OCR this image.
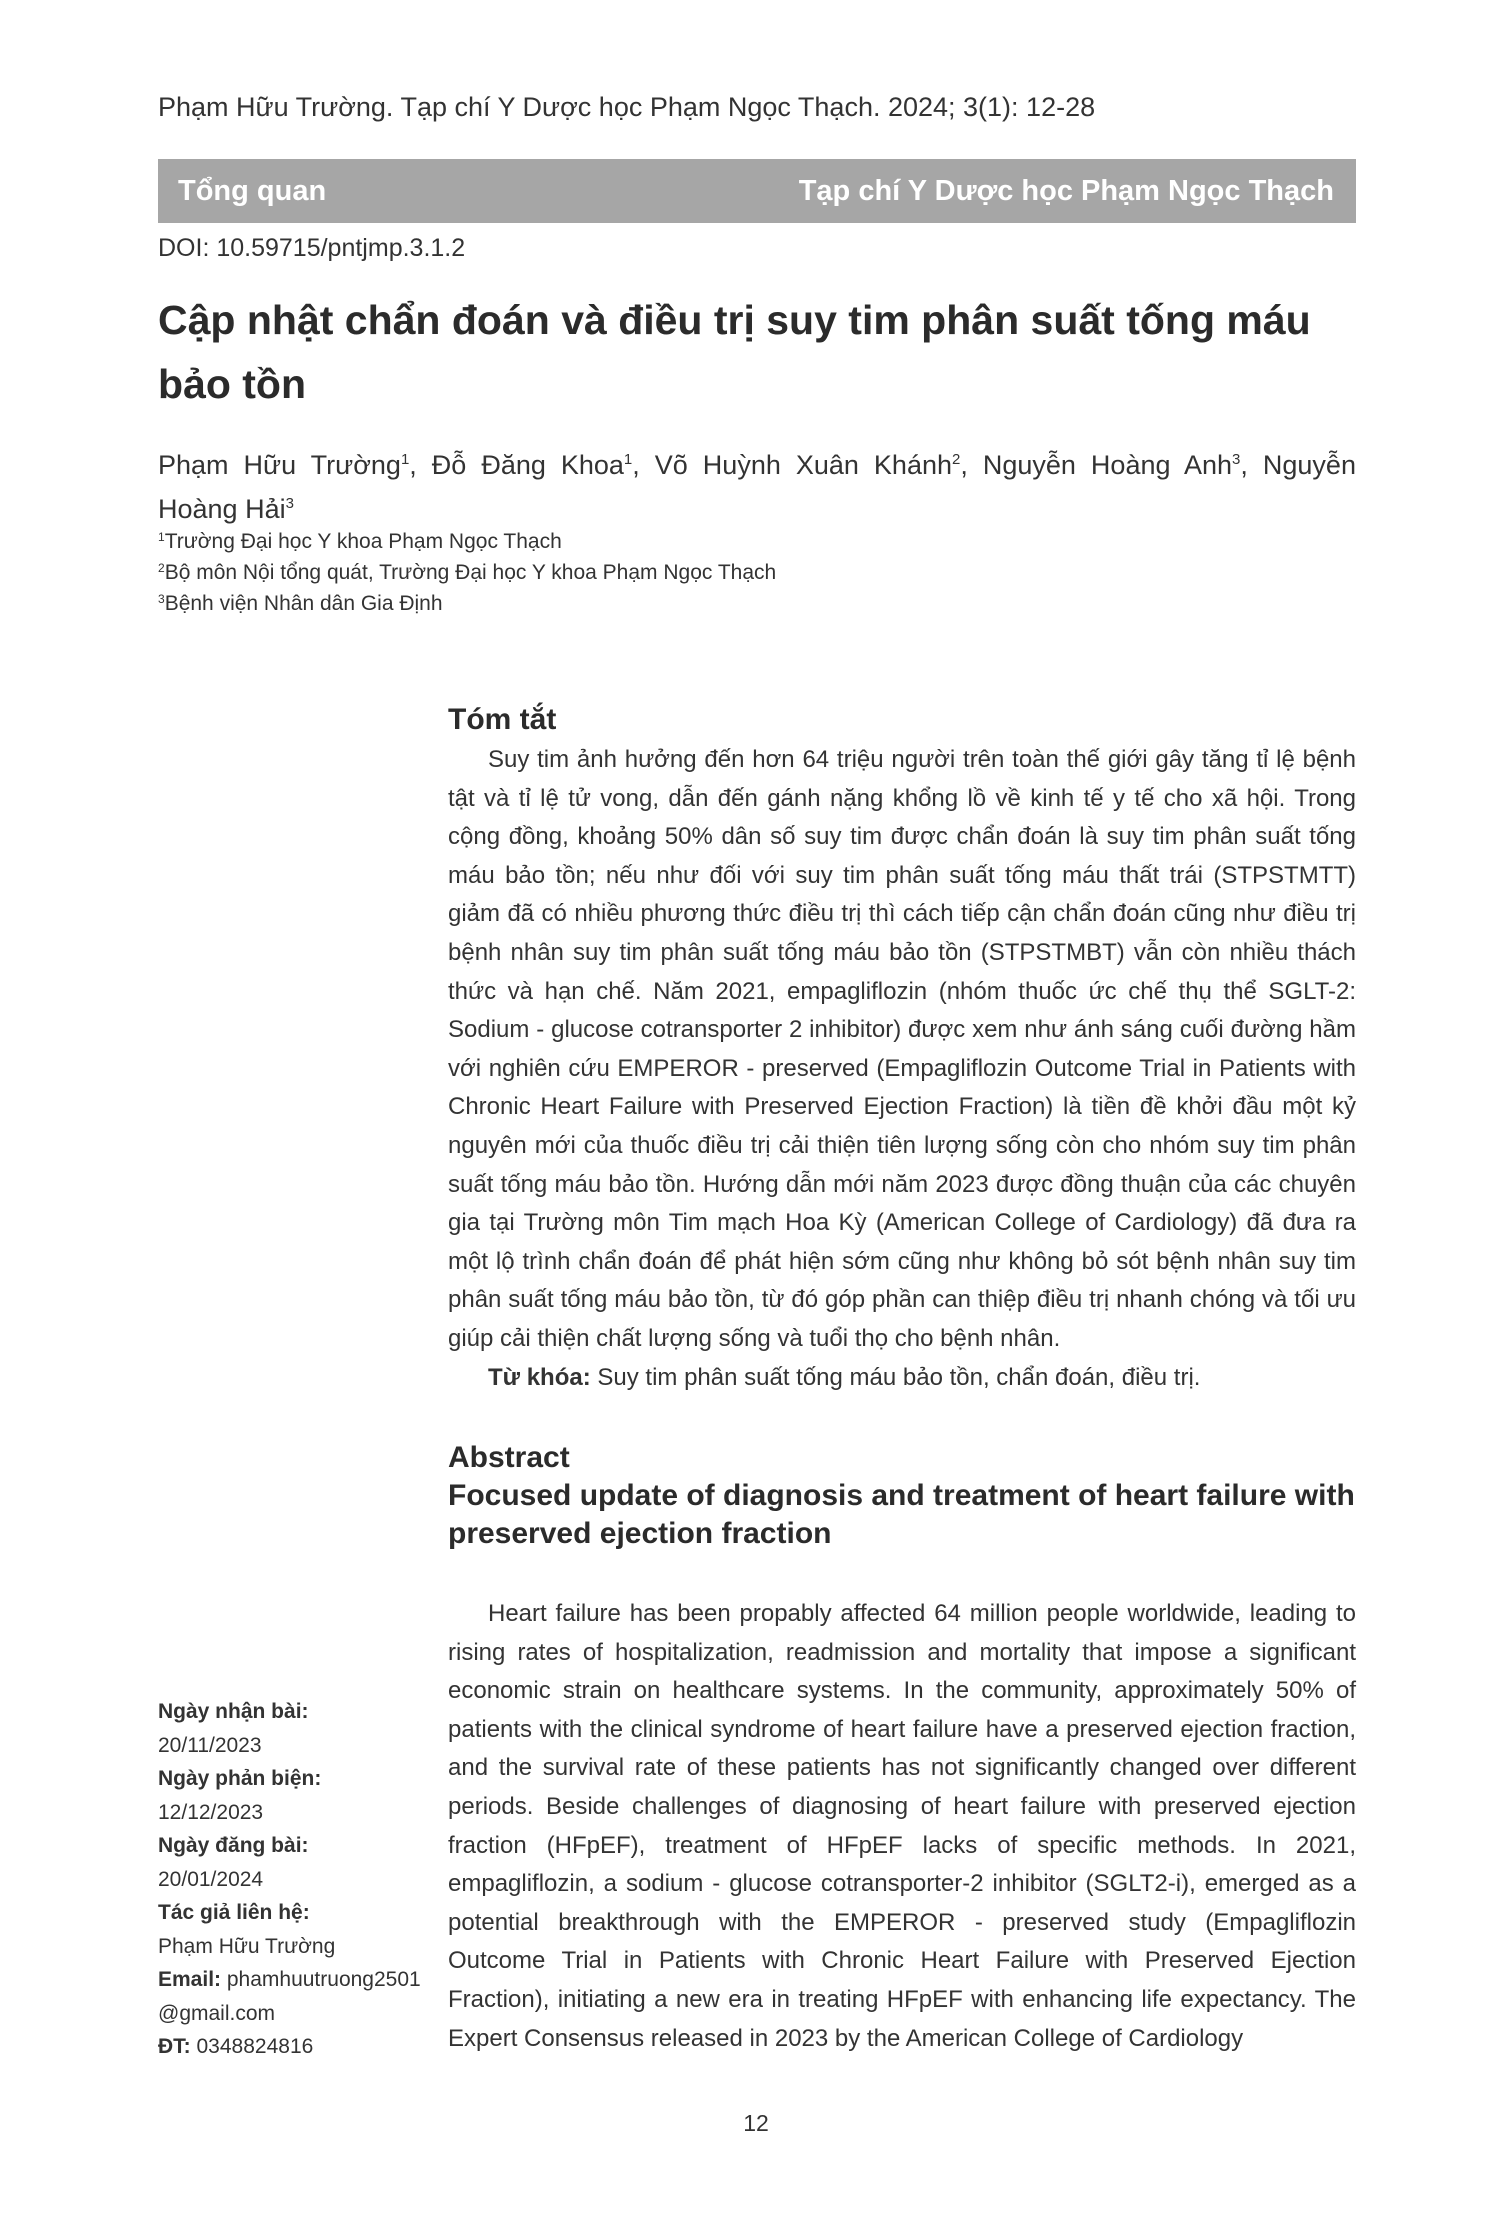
Phạm Hữu Trường. Tạp chí Y Dược học Phạm Ngọc Thạch. 2024; 3(1): 12-28
Tổng quan	Tạp chí Y Dược học Phạm Ngọc Thạch
DOI: 10.59715/pntjmp.3.1.2
Cập nhật chẩn đoán và điều trị suy tim phân suất tống máu bảo tồn
Phạm Hữu Trường$^1$, Đỗ Đăng Khoa$^1$, Võ Huỳnh Xuân Khánh$^2$, Nguyễn Hoàng Anh$^3$, Nguyễn
Hoàng Hải$^3$
$^1$Trường Đại học Y khoa Phạm Ngọc Thạch
$^2$Bộ môn Nội tổng quát, Trường Đại học Y khoa Phạm Ngọc Thạch
$^3$Bệnh viện Nhân dân Gia Định
Tóm tắt

Suy tim ảnh hưởng đến hơn 64 triệu người trên toàn thế giới gây tăng tỉ lệ bệnh tật và tỉ lệ tử vong, dẫn đến gánh nặng khổng lồ về kinh tế y tế cho xã hội. Trong cộng đồng, khoảng 50% dân số suy tim được chẩn đoán là suy tim phân suất tống máu bảo tồn; nếu như đối với suy tim phân suất tống máu thất trái (STPSTMTT) giảm đã có nhiều phương thức điều trị thì cách tiếp cận chẩn đoán cũng như điều trị bệnh nhân suy tim phân suất tống máu bảo tồn (STPSTMBT) vẫn còn nhiều thách thức và hạn chế. Năm 2021, empagliflozin (nhóm thuốc ức chế thụ thể SGLT-2: Sodium - glucose cotransporter 2 inhibitor) được xem như ánh sáng cuối đường hầm với nghiên cứu EMPEROR - preserved (Empagliflozin Outcome Trial in Patients with Chronic Heart Failure with Preserved Ejection Fraction) là tiền đề khởi đầu một kỷ nguyên mới của thuốc điều trị cải thiện tiên lượng sống còn cho nhóm suy tim phân suất tống máu bảo tồn. Hướng dẫn mới năm 2023 được đồng thuận của các chuyên gia tại Trường môn Tim mạch Hoa Kỳ (American College of Cardiology) đã đưa ra một lộ trình chẩn đoán để phát hiện sớm cũng như không bỏ sót bệnh nhân suy tim phân suất tống máu bảo tồn, từ đó góp phần can thiệp điều trị nhanh chóng và tối ưu giúp cải thiện chất lượng sống và tuổi thọ cho bệnh nhân.

Từ khóa: Suy tim phân suất tống máu bảo tồn, chẩn đoán, điều trị.

Abstract
Focused update of diagnosis and treatment of heart failure with preserved ejection fraction

Heart failure has been propably affected 64 million people worldwide, leading to rising rates of hospitalization, readmission and mortality that impose a significant economic strain on healthcare systems. In the community, approximately 50% of patients with the clinical syndrome of heart failure have a preserved ejection fraction, and the survival rate of these patients has not significantly changed over different periods. Beside challenges of diagnosing of heart failure with preserved ejection fraction (HFpEF), treatment of HFpEF lacks of specific methods. In 2021, empagliflozin, a sodium - glucose cotransporter-2 inhibitor (SGLT2-i), emerged as a potential breakthrough with the EMPEROR - preserved study (Empagliflozin Outcome Trial in Patients with Chronic Heart Failure with Preserved Ejection Fraction), initiating a new era in treating HFpEF with enhancing life expectancy. The Expert Consensus released in 2023 by the American College of Cardiology

Ngày nhận bài:
20/11/2023
Ngày phản biện:
12/12/2023
Ngày đăng bài:
20/01/2024
Tác giả liên hệ:
Phạm Hữu Trường
Email: phamhuutruong2501
@gmail.com
ĐT: 0348824816
12
